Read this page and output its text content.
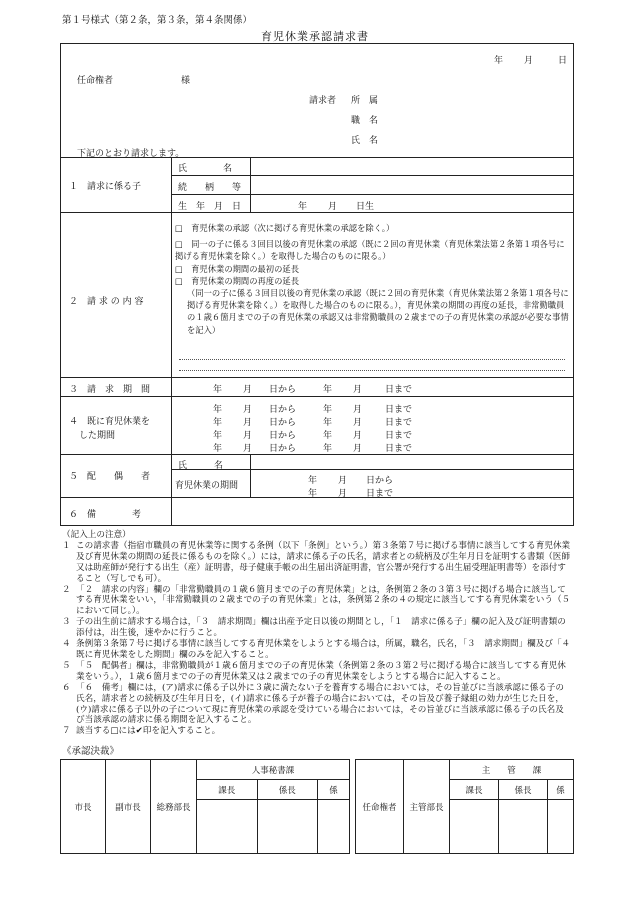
第１号様式（第２条，第３条，第４条関係）
育児休業承認請求書
年 月	日
任命権者	様
請求者 所　属
職　名
氏　名
下記のとおり請求します。
１　請求に係る子
氏　　　　名
続　　柄　　等
生　年　月　日	年 月 日生
２　請 求 の 内 容
□　育児休業の承認（次に掲げる育児休業の承認を除く。）
□　同一の子に係る３回目以後の育児休業の承認（既に２回の育児休業（育児休業法第２条第１項各号に掲げる育児休業を除く。）を取得した場合のものに限る。）
□　育児休業の期間の最初の延長
□　育児休業の期間の再度の延長
（同一の子に係る３回目以後の育児休業の承認（既に２回の育児休業（育児休業法第２条第１項各号に掲げる育児休業を除く。）を取得した場合のものに限る。），育児休業の期間の再度の延長，非常勤職員の１歳６箇月までの子の育児休業の承認又は非常勤職員の２歳までの子の育児休業の承認が必要な事情を記入）
３　請　求　期　間	年 月 日から	年 月	日まで
４　既に育児休業を
した期間
年 月 日から	年 月	日まで
年 月 日から	年 月	日まで
年 月 日から	年 月	日まで
年 月 日から	年 月	日まで
５　配　　偶　　者
氏　　　名
育児休業の期間	年 月 日から
年 月 日まで
６　備　　　　考
（記入上の注意）
１ この請求書（指宿市職員の育児休業等に関する条例（以下「条例」という。）第３条第７号に掲げる事情に該当してする育児休業及び育児休業の期間の延長に係るものを除く。）には，請求に係る子の氏名，請求者との続柄及び生年月日を証明する書類（医師又は助産師が発行する出生（産）証明書，母子健康手帳の出生届出済証明書，官公署が発行する出生届受理証明書等）を添付すること（写しでも可）。
２ 「２　請求の内容」欄の「非常勤職員の１歳６箇月までの子の育児休業」とは，条例第２条の３第３号に掲げる場合に該当してする育児休業をいい，「非常勤職員の２歳までの子の育児休業」とは，条例第２条の４の規定に該当してする育児休業をいう（５において同じ。）。
３ 子の出生前に請求する場合は，「３　請求期間」欄は出産予定日以後の期間とし，「１　請求に係る子」欄の記入及び証明書類の添付は，出生後，速やかに行うこと。
４ 条例第３条第７号に掲げる事情に該当してする育児休業をしようとする場合は，所属，職名，氏名，「３　請求期間」欄及び「４　既に育児休業をした期間」欄のみを記入すること。
５ 「５　配偶者」欄は，非常勤職員が１歳６箇月までの子の育児休業（条例第２条の３第２号に掲げる場合に該当してする育児休業をいう。），１歳６箇月までの子の育児休業又は２歳までの子の育児休業をしようとする場合に記入すること。
６ 「６　備考」欄には，(ア)請求に係る子以外に３歳に満たない子を養育する場合においては，その旨並びに当該承認に係る子の氏名，請求者との続柄及び生年月日を，(イ)請求に係る子が養子の場合においては，その旨及び養子縁組の効力が生じた日を，(ウ)請求に係る子以外の子について現に育児休業の承認を受けている場合においては，その旨並びに当該承認に係る子の氏名及び当該承認の請求に係る期間を記入すること。
７ 該当する□には✔印を記入すること。
《承認決裁》
市長	副市長	総務部長	人事秘書課		
			課長	係長	係

任命権者	主管部長	主　　管　　課		
		課長	係長	係
